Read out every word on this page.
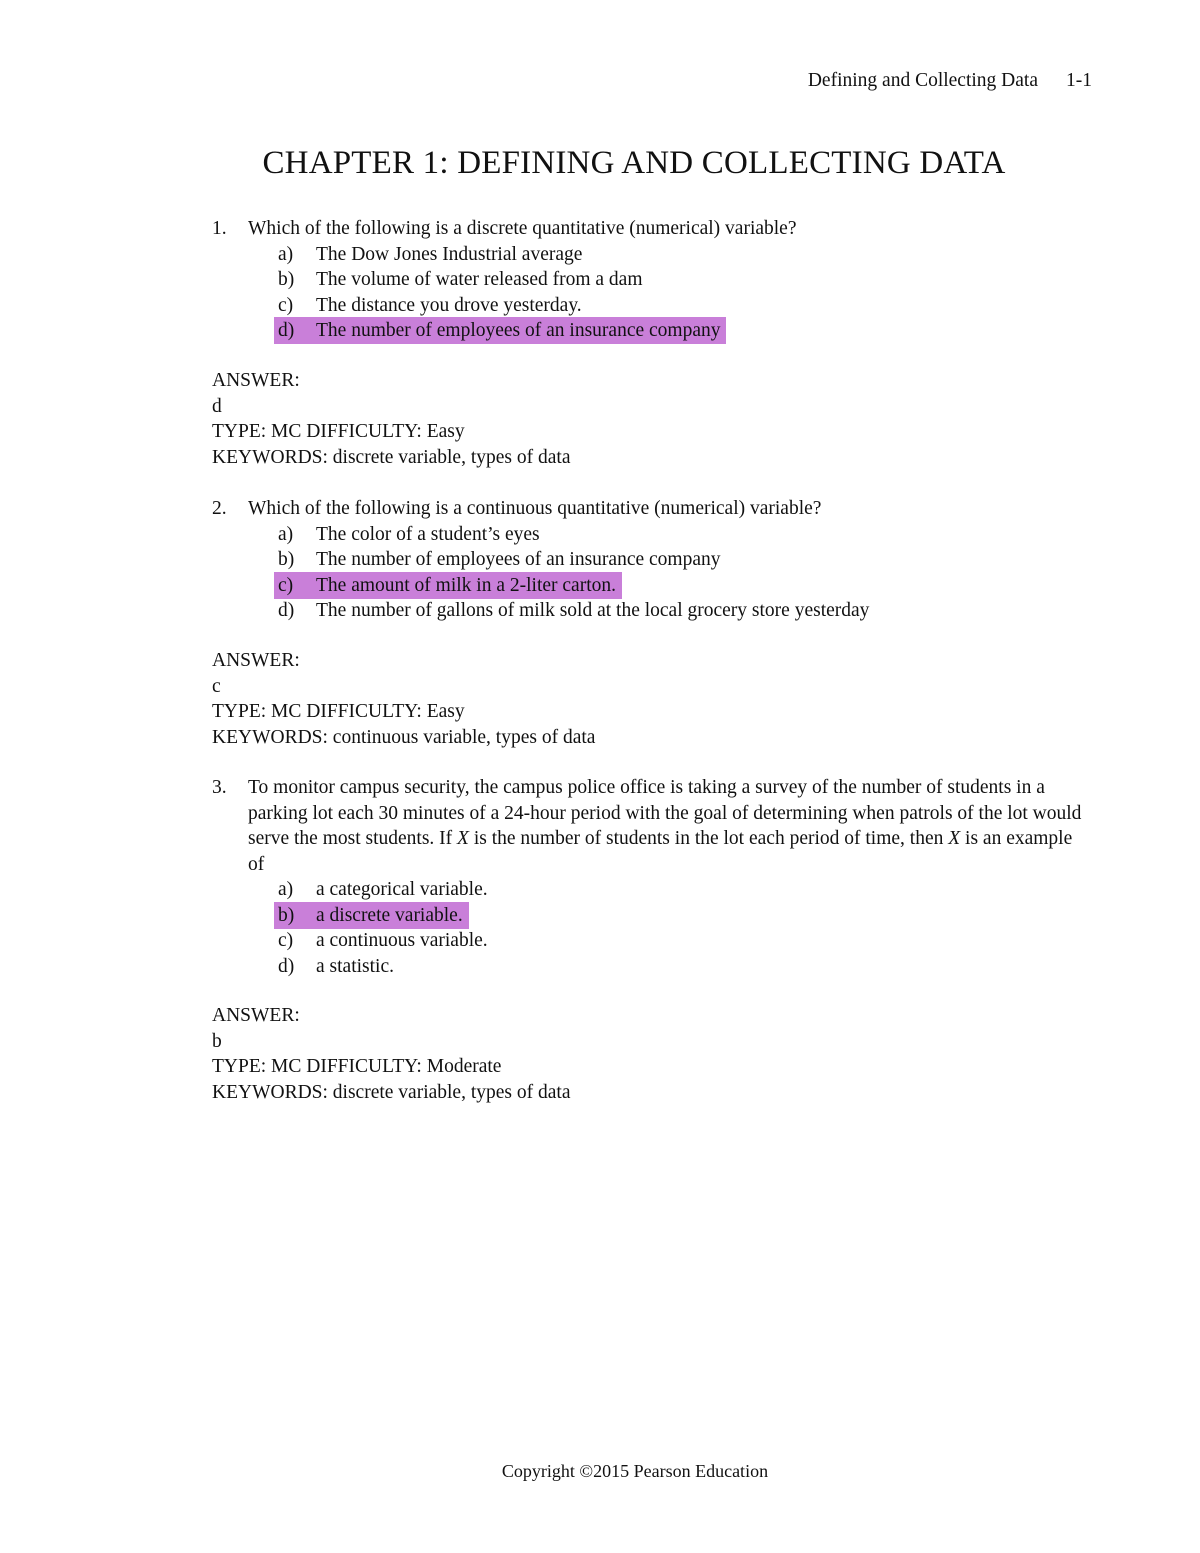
Defining and Collecting Data 1-1
CHAPTER 1: DEFINING AND COLLECTING DATA
1. Which of the following is a discrete quantitative (numerical) variable?
a) The Dow Jones Industrial average
b) The volume of water released from a dam
c) The distance you drove yesterday.
d) The number of employees of an insurance company
ANSWER:
d
TYPE: MC DIFFICULTY: Easy
KEYWORDS: discrete variable, types of data
2. Which of the following is a continuous quantitative (numerical) variable?
a) The color of a student’s eyes
b) The number of employees of an insurance company
c) The amount of milk in a 2-liter carton.
d) The number of gallons of milk sold at the local grocery store yesterday
ANSWER:
c
TYPE: MC DIFFICULTY: Easy
KEYWORDS: continuous variable, types of data
3. To monitor campus security, the campus police office is taking a survey of the number of students in a parking lot each 30 minutes of a 24-hour period with the goal of determining when patrols of the lot would serve the most students. If X is the number of students in the lot each period of time, then X is an example of
a) a categorical variable.
b) a discrete variable.
c) a continuous variable.
d) a statistic.
ANSWER:
b
TYPE: MC DIFFICULTY: Moderate
KEYWORDS: discrete variable, types of data
Copyright ©2015 Pearson Education
